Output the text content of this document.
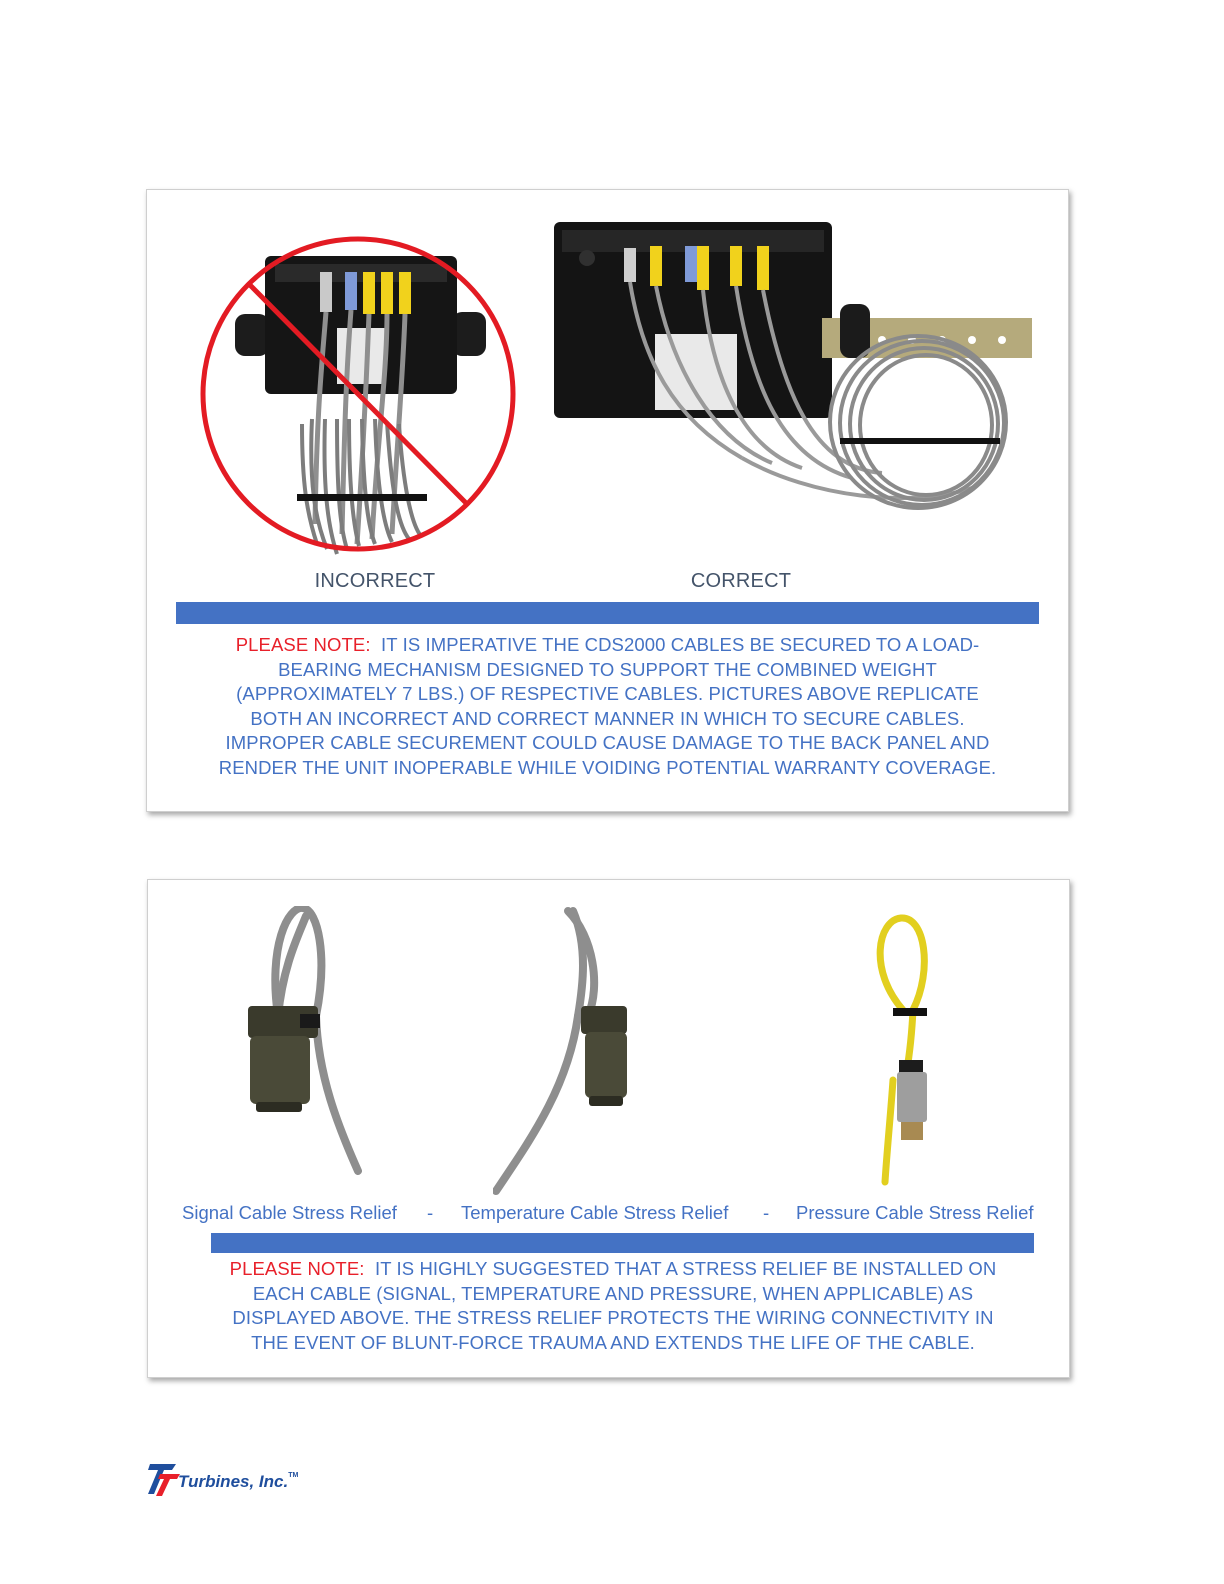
INCORRECT	CORRECT
PLEASE NOTE: IT IS IMPERATIVE THE CDS2000 CABLES BE SECURED TO A LOAD-
BEARING MECHANISM DESIGNED TO SUPPORT THE COMBINED WEIGHT
(APPROXIMATELY 7 LBS.) OF RESPECTIVE CABLES. PICTURES ABOVE REPLICATE
BOTH AN INCORRECT AND CORRECT MANNER IN WHICH TO SECURE CABLES.
IMPROPER CABLE SECUREMENT COULD CAUSE DAMAGE TO THE BACK PANEL AND
RENDER THE UNIT INOPERABLE WHILE VOIDING POTENTIAL WARRANTY COVERAGE.
Signal Cable Stress Relief - Temperature Cable Stress Relief - Pressure Cable Stress Relief
PLEASE NOTE: IT IS HIGHLY SUGGESTED THAT A STRESS RELIEF BE INSTALLED ON
EACH CABLE (SIGNAL, TEMPERATURE AND PRESSURE, WHEN APPLICABLE) AS
DISPLAYED ABOVE. THE STRESS RELIEF PROTECTS THE WIRING CONNECTIVITY IN
THE EVENT OF BLUNT-FORCE TRAUMA AND EXTENDS THE LIFE OF THE CABLE.
Turbines, Inc.™
